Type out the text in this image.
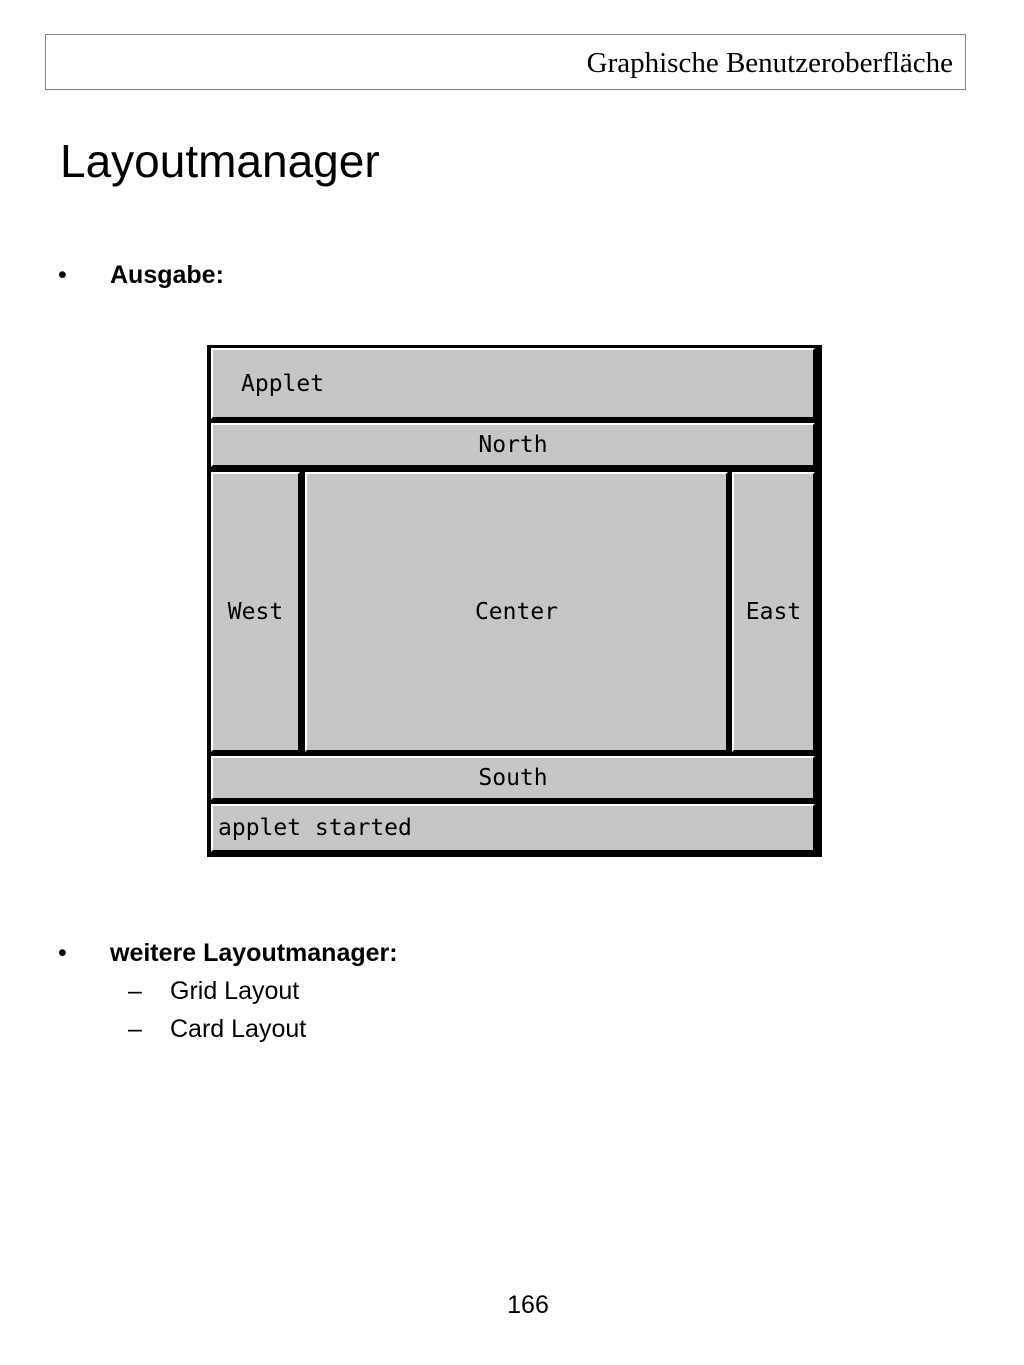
Graphische Benutzeroberfläche
Layoutmanager
• Ausgabe:
Applet
North
West	Center	East
South
applet started
• weitere Layoutmanager:
– Grid Layout
– Card Layout
166
